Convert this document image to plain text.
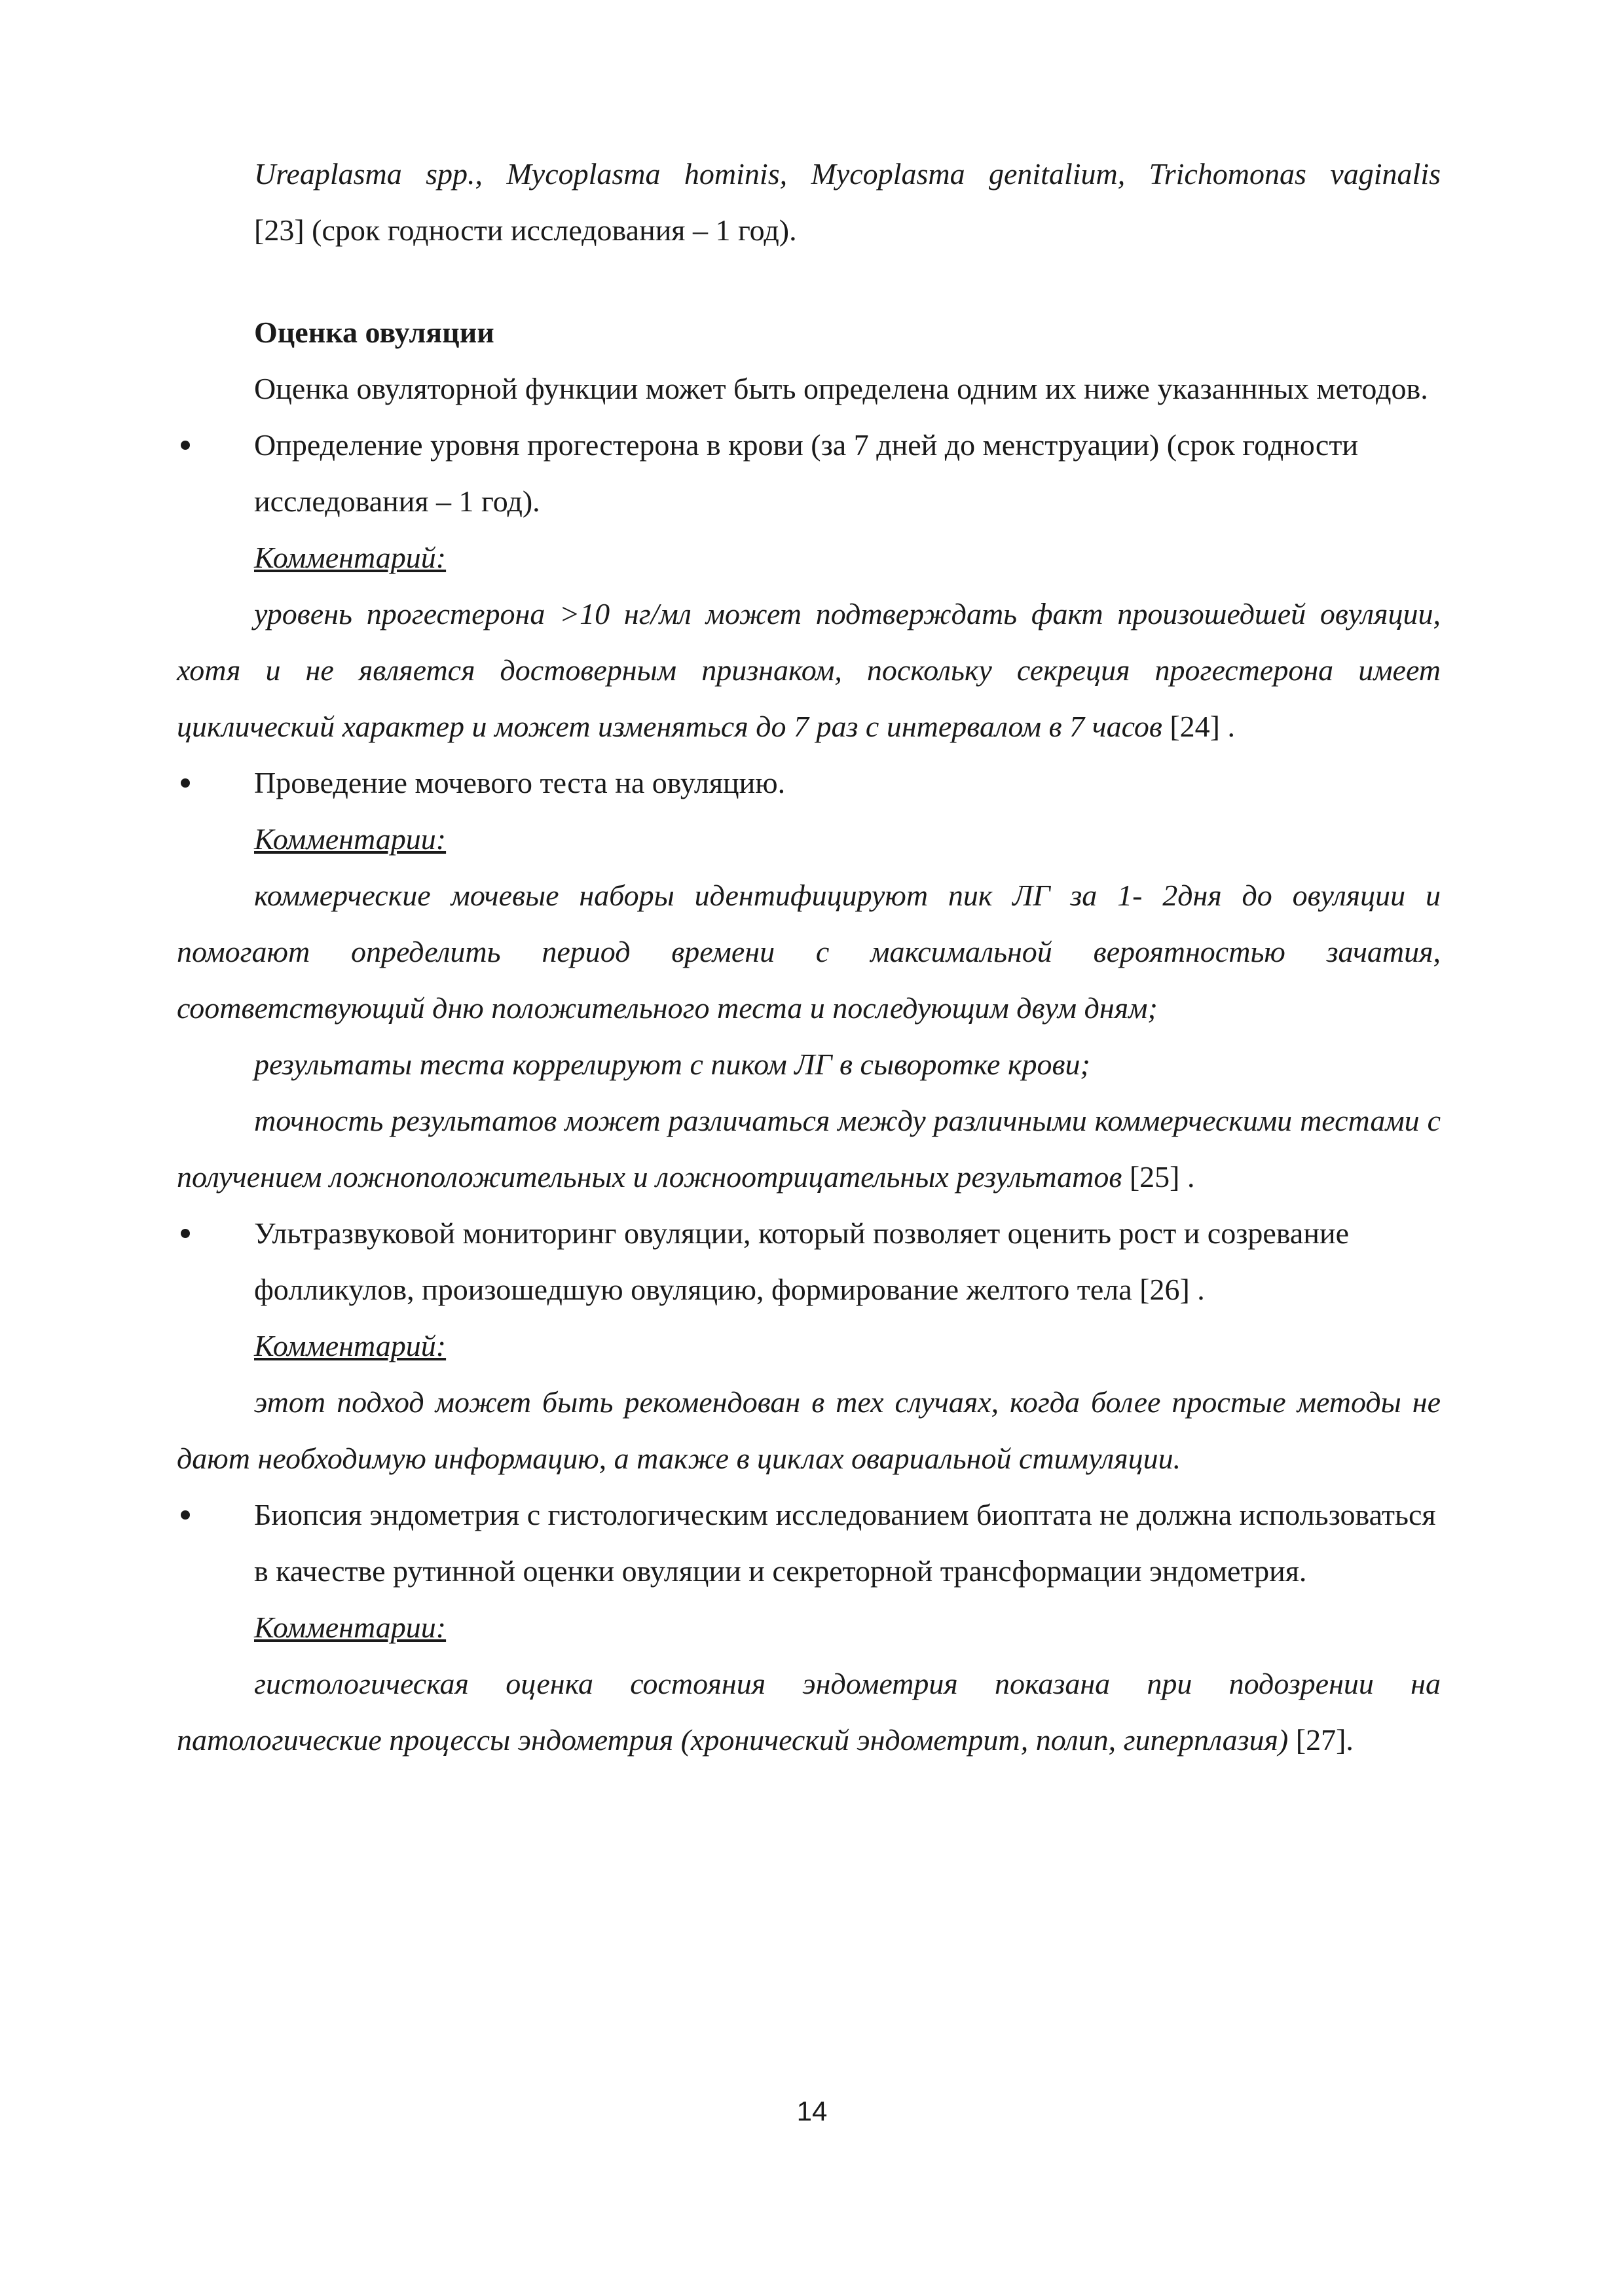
Ureaplasma spp., Mycoplasma hominis, Mycoplasma genitalium, Trichomonas vaginalis

[23] (срок годности исследования – 1 год).

Оценка овуляции

Оценка овуляторной функции может быть определена одним их ниже указаннных методов.

Определение уровня прогестерона в крови (за 7 дней до менструации) (срок годности исследования – 1 год).

Комментарий:

уровень прогестерона >10 нг/мл может подтверждать факт произошедшей овуляции, хотя и не является достоверным признаком, поскольку секреция прогестерона имеет циклический характер и может изменяться до 7 раз с интервалом в 7 часов [24] .

Проведение мочевого теста на овуляцию.

Комментарии:

коммерческие мочевые наборы идентифицируют пик ЛГ за 1- 2дня до овуляции и помогают определить период времени с максимальной вероятностью зачатия, соответствующий дню положительного теста и последующим двум дням;

результаты теста коррелируют с пиком ЛГ в сыворотке крови;

точность результатов может различаться между различными коммерческими тестами с получением ложноположительных и ложноотрицательных результатов [25] .

Ультразвуковой мониторинг овуляции, который позволяет оценить рост и созревание фолликулов, произошедшую овуляцию, формирование желтого тела [26] .

Комментарий:

этот подход может быть рекомендован в тех случаях, когда более простые методы не дают необходимую информацию, а также в циклах овариальной стимуляции.

Биопсия эндометрия с гистологическим исследованием биоптата не должна использоваться в качестве рутинной оценки овуляции и секреторной трансформации эндометрия.

Комментарии:

гистологическая оценка состояния эндометрия показана при подозрении на патологические процессы эндометрия (хронический эндометрит, полип, гиперплазия) [27].

14
